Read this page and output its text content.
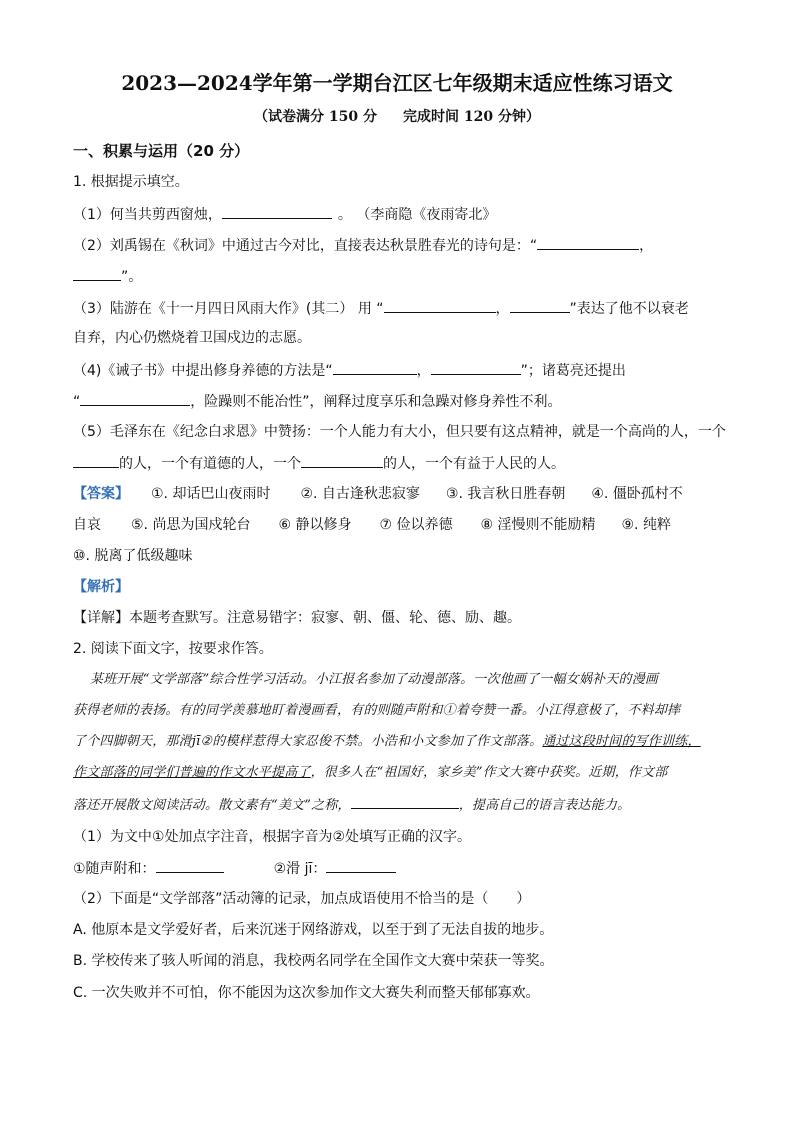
2023—2024学年第一学期台江区七年级期末适应性练习语文
（试卷满分 150 分 完成时间 120 分钟）
一、积累与运用（20 分）
1. 根据提示填空。
（1）何当共剪西窗烛，	。 （李商隐《夜雨寄北》
（2）刘禹锡在《秋词》中通过古今对比，直接表达秋景胜春光的诗句是：“	，
”。
（3）陆游在《十一月四日风雨大作》(其二） 用 “	，	”表达了他不以衰老
自弃，内心仍燃烧着卫国戍边的志愿。
（4)《诫子书》中提出修身养德的方法是“	，	”；诸葛亮还提出
“	，险躁则不能冶性”，阐释过度享乐和急躁对修身养性不利。
（5）毛泽东在《纪念白求恩》中赞扬：一个人能力有大小，但只要有这点精神，就是一个高尚的人，一个
的人，一个有道德的人，一个	的人，一个有益于人民的人。
【答案】 ①. 却话巴山夜雨时 ②. 自古逢秋悲寂寥 ③. 我言秋日胜春朝 ④. 僵卧孤村不
自哀 ⑤. 尚思为国戍轮台 ⑥ 静以修身 ⑦ 俭以养德 ⑧ 淫慢则不能励精 ⑨. 纯粹
⑩. 脱离了低级趣味
【解析】
【详解】本题考查默写。注意易错字：寂寥、朝、僵、轮、德、励、趣。
2. 阅读下面文字，按要求作答。
某班开展“文学部落”综合性学习活动。小江报名参加了动漫部落。一次他画了一幅女娲补天的漫画
获得老师的表扬。有的同学羡慕地盯着漫画看，有的则随声附和①着夸赞一番。小江得意极了，不料却摔
了个四脚朝天，那滑jī②的模样惹得大家忍俊不禁。小浩和小文参加了作文部落。通过这段时间的写作训练，
作文部落的同学们普遍的作文水平提高了，很多人在“祖国好，家乡美”作文大赛中获奖。近期，作文部
落还开展散文阅读活动。散文素有“美文”之称，	，提高自己的语言表达能力。
（1）为文中①处加点字注音，根据字音为②处填写正确的汉字。
①随声附和：	②滑 jī：
（2）下面是“文学部落”活动簿的记录，加点成语使用不恰当的是（　　）
A. 他原本是文学爱好者，后来沉迷于网络游戏，以至于到了无法自拔的地步。
B. 学校传来了骇人听闻的消息，我校两名同学在全国作文大赛中荣获一等奖。
C. 一次失败并不可怕，你不能因为这次参加作文大赛失利而整天郁郁寡欢。
